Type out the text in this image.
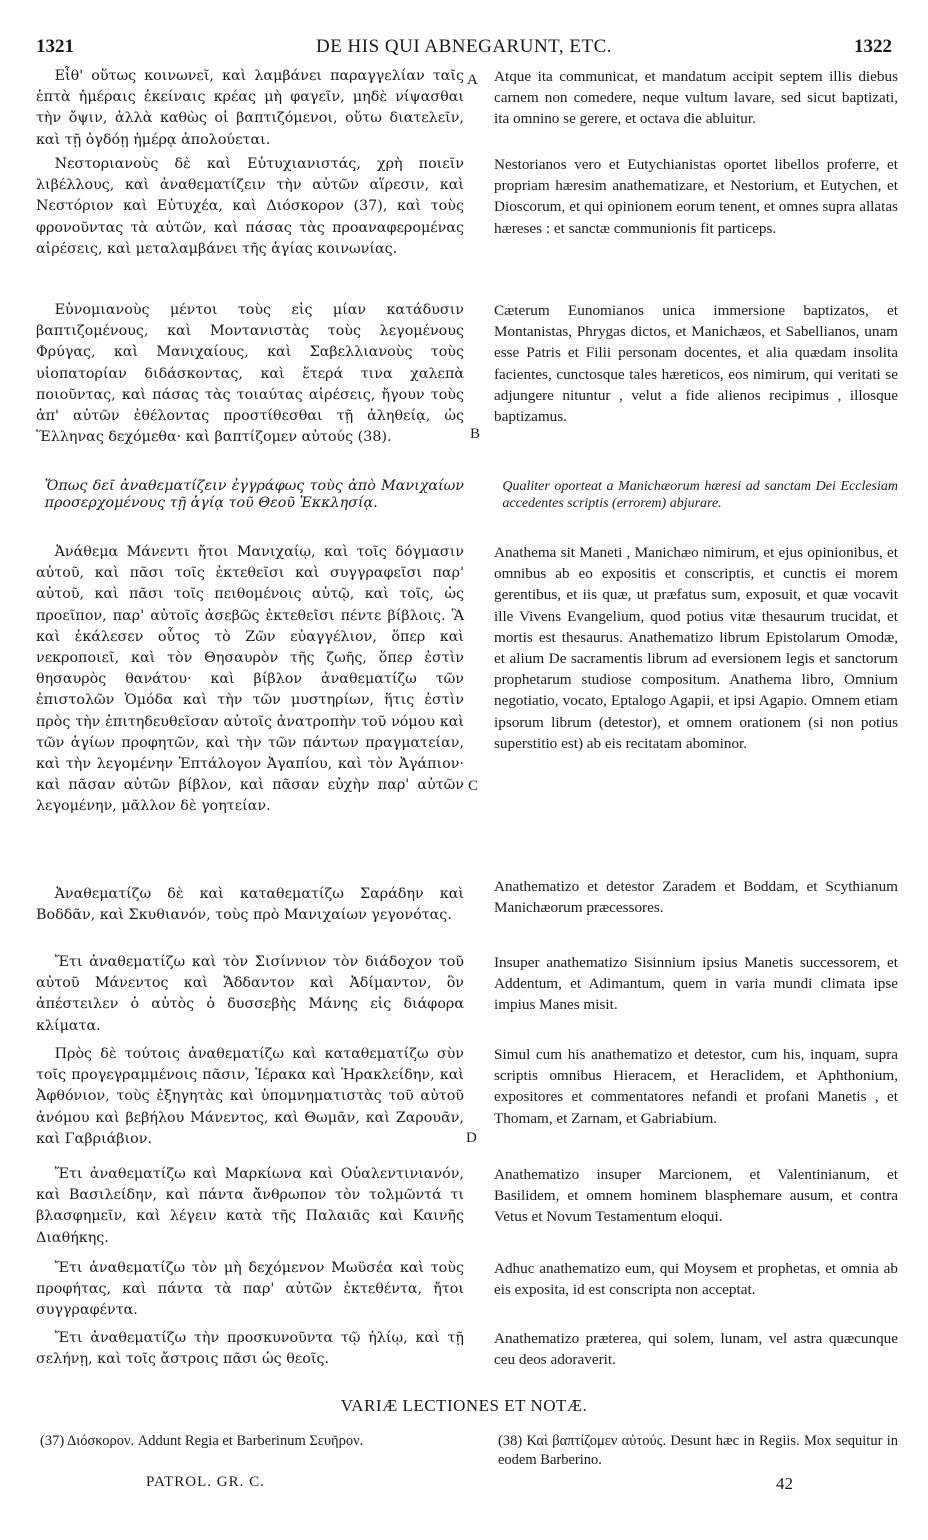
1321	DE HIS QUI ABNEGARUNT, ETC.	1322

Εἶθ' οὕτως κοινωνεῖ, καὶ λαμβάνει παραγγελίαν ταῖς ἑπτὰ ἡμέραις ἐκείναις κρέας μὴ φαγεῖν, μηδὲ νίψασθαι τὴν ὄψιν, ἀλλὰ καθὼς οἱ βαπτιζόμενοι, οὕτω διατελεῖν, καὶ τῇ ὀγδόῃ ἡμέρᾳ ἀπολούεται.

Νεστοριανοὺς δὲ καὶ Εὐτυχιανιστάς, χρὴ ποιεῖν λιβέλλους, καὶ ἀναθεματίζειν τὴν αὐτῶν αἵρεσιν, καὶ Νεστόριον καὶ Εὐτυχέα, καὶ Διόσκορον (37), καὶ τοὺς φρονοῦντας τὰ αὐτῶν, καὶ πάσας τὰς προαναφερομένας αἱρέσεις, καὶ μεταλαμβάνει τῆς ἁγίας κοινωνίας.

Εὐνομιανοὺς μέντοι τοὺς εἰς μίαν κατάδυσιν βαπτιζομένους, καὶ Μοντανιστὰς τοὺς λεγομένους Φρύγας, καὶ Μανιχαίους, καὶ Σαβελλιανοὺς τοὺς υἱοπατορίαν διδάσκοντας, καὶ ἕτερά τινα χαλεπὰ ποιοῦντας, καὶ πάσας τὰς τοιαύτας αἱρέσεις, ἤγουν τοὺς ἀπ' αὐτῶν ἐθέλοντας προστίθεσθαι τῇ ἀληθείᾳ, ὡς Ἕλληνας δεχόμεθα· καὶ βαπτίζομεν αὐτούς (38).

Ὅπως δεῖ ἀναθεματίζειν ἐγγράφως τοὺς ἀπὸ Μανιχαίων προσερχομένους τῇ ἁγίᾳ τοῦ Θεοῦ Ἐκκλησίᾳ.

Ἀνάθεμα Μάνεντι ἤτοι Μανιχαίῳ, καὶ τοῖς δόγμασιν αὐτοῦ, καὶ πᾶσι τοῖς ἐκτεθεῖσι καὶ συγγραφεῖσι παρ' αὐτοῦ, καὶ πᾶσι τοῖς πειθομένοις αὐτῷ, καὶ τοῖς, ὡς προεῖπον, παρ' αὐτοῖς ἀσεβῶς ἐκτεθεῖσι πέντε βίβλοις. Ἃ καὶ ἐκάλεσεν οὗτος τὸ Ζῶν εὐαγγέλιον, ὅπερ καὶ νεκροποιεῖ, καὶ τὸν Θησαυρὸν τῆς ζωῆς, ὅπερ ἐστὶν θησαυρὸς θανάτου· καὶ βίβλον ἀναθεματίζω τῶν ἐπιστολῶν Ὁμόδα καὶ τὴν τῶν μυστηρίων, ἥτις ἐστὶν πρὸς τὴν ἐπιτηδευθεῖσαν αὐτοῖς ἀνατροπὴν τοῦ νόμου καὶ τῶν ἁγίων προφητῶν, καὶ τὴν τῶν πάντων πραγματείαν, καὶ τὴν λεγομένην Ἑπτάλογον Ἀγαπίου, καὶ τὸν Ἀγάπιον· καὶ πᾶσαν αὐτῶν βίβλον, καὶ πᾶσαν εὐχὴν παρ' αὐτῶν λεγομένην, μᾶλλον δὲ γοητείαν.

Ἀναθεματίζω δὲ καὶ καταθεματίζω Σαράδην καὶ Βοδδᾶν, καὶ Σκυθιανόν, τοὺς πρὸ Μανιχαίων γεγονότας.

Ἔτι ἀναθεματίζω καὶ τὸν Σισίννιον τὸν διάδοχον τοῦ αὐτοῦ Μάνεντος καὶ Ἄδδαντον καὶ Ἀδίμαντον, ὃν ἀπέστειλεν ὁ αὐτὸς ὁ δυσσεβὴς Μάνης εἰς διάφορα κλίματα.

Πρὸς δὲ τούτοις ἀναθεματίζω καὶ καταθεματίζω σὺν τοῖς προγεγραμμένοις πᾶσιν, Ἱέρακα καὶ Ἡρακλείδην, καὶ Ἀφθόνιον, τοὺς ἐξηγητὰς καὶ ὑπομνηματιστὰς τοῦ αὐτοῦ ἀνόμου καὶ βεβήλου Μάνεντος, καὶ Θωμᾶν, καὶ Ζαρουᾶν, καὶ Γαβριάβιον.

Ἔτι ἀναθεματίζω καὶ Μαρκίωνα καὶ Οὐαλεντινιανόν, καὶ Βασιλείδην, καὶ πάντα ἄνθρωπον τὸν τολμῶντά τι βλασφημεῖν, καὶ λέγειν κατὰ τῆς Παλαιᾶς καὶ Καινῆς Διαθήκης.

Ἔτι ἀναθεματίζω τὸν μὴ δεχόμενον Μωϋσέα καὶ τοὺς προφήτας, καὶ πάντα τὰ παρ' αὐτῶν ἐκτεθέντα, ἤτοι συγγραφέντα.

Ἔτι ἀναθεματίζω τὴν προσκυνοῦντα τῷ ἡλίῳ, καὶ τῇ σελήνῃ, καὶ τοῖς ἄστροις πᾶσι ὡς θεοῖς.

A
B
C
D

Atque ita communicat, et mandatum accipit septem illis diebus carnem non comedere, neque vultum lavare, sed sicut baptizati, ita omnino se gerere, et octava die abluitur.

Nestorianos vero et Eutychianistas oportet libellos proferre, et propriam hæresim anathematizare, et Nestorium, et Eutychen, et Dioscorum, et qui opinionem eorum tenent, et omnes supra allatas hæreses : et sanctæ communionis fit particeps.

Cæterum Eunomianos unica immersione baptizatos, et Montanistas, Phrygas dictos, et Manichæos, et Sabellianos, unam esse Patris et Filii personam docentes, et alia quædam insolita facientes, cunctosque tales hæreticos, eos nimirum, qui veritati se adjungere nituntur , velut a fide alienos recipimus , illosque baptizamus.

Qualiter oporteat a Manichæorum hæresi ad sanctam Dei Ecclesiam accedentes scriptis (errorem) abjurare.

Anathema sit Maneti , Manichæo nimirum, et ejus opinionibus, et omnibus ab eo expositis et conscriptis, et cunctis ei morem gerentibus, et iis quæ, ut præfatus sum, exposuit, et quæ vocavit ille Vivens Evangelium, quod potius vitæ thesaurum trucidat, et mortis est thesaurus. Anathematizo librum Epistolarum Omodæ, et alium De sacramentis librum ad eversionem legis et sanctorum prophetarum studiose compositum. Anathema libro, Omnium negotiatio, vocato, Eptalogo Agapii, et ipsi Agapio. Omnem etiam ipsorum librum (detestor), et omnem orationem (si non potius superstitio est) ab eis recitatam abominor.

Anathematizo et detestor Zaradem et Boddam, et Scythianum Manichæorum præcessores.

Insuper anathematizo Sisinnium ipsius Manetis successorem, et Addentum, et Adimantum, quem in varia mundi climata ipse impius Manes misit.

Simul cum his anathematizo et detestor, cum his, inquam, supra scriptis omnibus Hieracem, et Heraclidem, et Aphthonium, expositores et commentatores nefandi et profani Manetis , et Thomam, et Zarnam, et Gabriabium.

Anathematizo insuper Marcionem, et Valentinianum, et Basilidem, et omnem hominem blasphemare ausum, et contra Vetus et Novum Testamentum eloqui.

Adhuc anathematizo eum, qui Moysem et prophetas, et omnia ab eis exposita, id est conscripta non acceptat.

Anathematizo præterea, qui solem, lunam, vel astra quæcunque ceu deos adoraverit.

VARIÆ LECTIONES ET NOTÆ.
(37) Διόσκορον. Addunt Regia et Barberinum Σευῆρον.	(38) Καὶ βαπτίζομεν αὐτούς. Desunt hæc in Regiis. Mox sequitur in eodem Barberino.
PATROL. GR. C.	42
